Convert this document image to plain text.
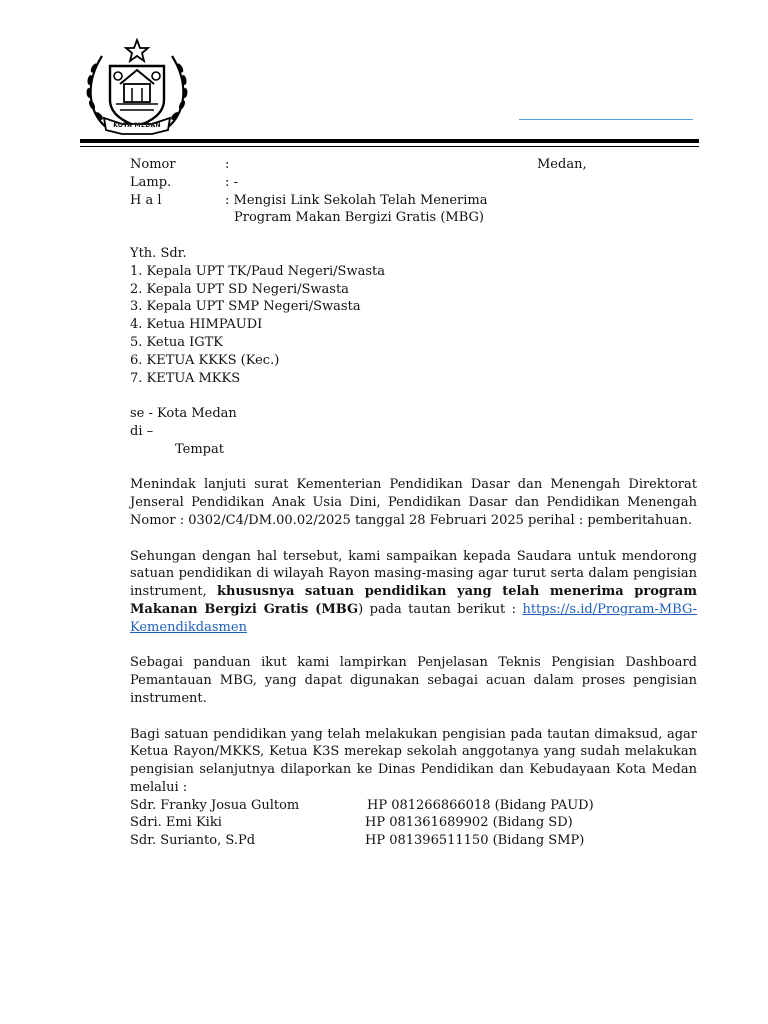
KOTA MEDAN
Nomor	:	Medan,
Lamp.	: -
H a l	: Mengisi Link Sekolah Telah Menerima
Program Makan Bergizi Gratis (MBG)
Yth. Sdr.
1. Kepala UPT TK/Paud Negeri/Swasta
2. Kepala UPT SD Negeri/Swasta
3. Kepala UPT SMP Negeri/Swasta
4. Ketua HIMPAUDI
5. Ketua IGTK
6. KETUA KKKS (Kec.)
7. KETUA MKKS
se - Kota Medan
di –
Tempat

Menindak lanjuti surat Kementerian Pendidikan Dasar dan Menengah Direktorat Jenseral Pendidikan Anak Usia Dini, Pendidikan Dasar dan Pendidikan Menengah Nomor : 0302/C4/DM.00.02/2025 tanggal 28 Februari 2025 perihal : pemberitahuan.

Sehungan dengan hal tersebut, kami sampaikan kepada Saudara untuk mendorong satuan pendidikan di wilayah Rayon masing-masing agar turut serta dalam pengisian instrument, khususnya satuan pendidikan yang telah menerima program Makanan Bergizi Gratis (MBG) pada tautan berikut : https://s.id/Program-MBG-Kemendikdasmen

Sebagai panduan ikut kami lampirkan Penjelasan Teknis Pengisian Dashboard Pemantauan MBG, yang dapat digunakan sebagai acuan dalam proses pengisian instrument.

Bagi satuan pendidikan yang telah melakukan pengisian pada tautan dimaksud, agar Ketua Rayon/MKKS, Ketua K3S merekap sekolah anggotanya yang sudah melakukan pengisian selanjutnya dilaporkan ke Dinas Pendidikan dan Kebudayaan Kota Medan melalui :

Sdr. Franky Josua Gultom	HP 081266866018 (Bidang PAUD)
Sdri. Emi Kiki	HP 081361689902 (Bidang SD)
Sdr. Surianto, S.Pd	HP 081396511150 (Bidang SMP)
